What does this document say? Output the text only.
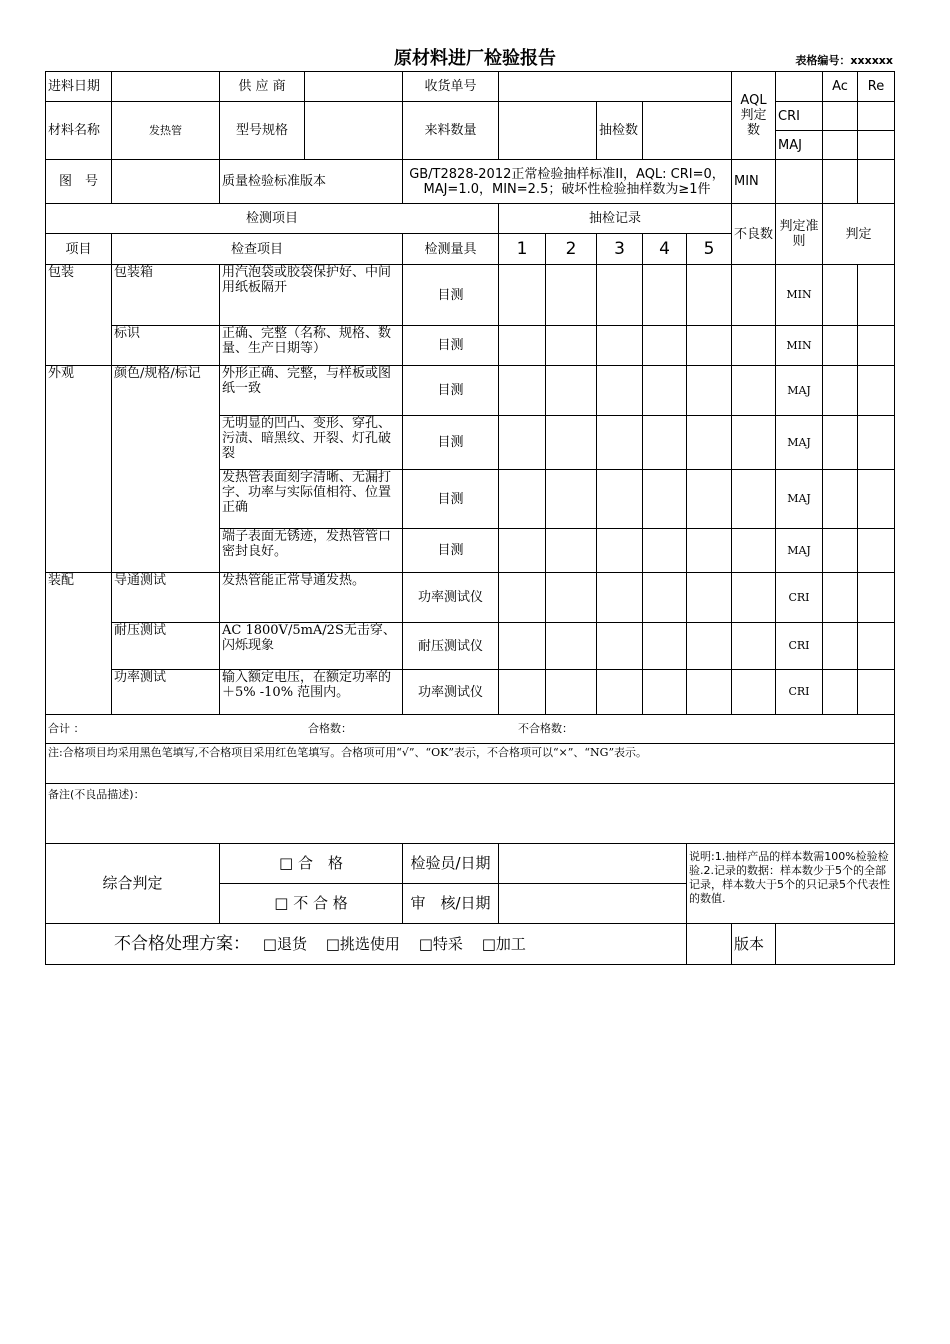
原材料进厂检验报告	表格编号：xxxxxx
进料日期		供 应 商		收货单号						AQL判定数		Ac	Re
材料名称	发热管	型号规格		来料数量			抽检数				CRI		
											MAJ		
图　号		质量检验标准版本		GB/T2828-2012正常检验抽样标准II，AQL: CRI=0，MAJ=1.0，MIN=2.5；破坏性检验抽样数为≥1件						MIN			
检测项目					抽检记录					不良数	判定准则	判定	
项目	检查项目			检测量具	1	2	3	4	5				
包装	包装箱	用汽泡袋或胶袋保护好、中间用纸板隔开		目测							MIN		
	标识	正确、完整（名称、规格、数量、生产日期等）		目测							MIN		
外观	颜色/规格/标记	外形正确、完整，与样板或图纸一致		目测							MAJ		
		无明显的凹凸、变形、穿孔、污渍、暗黑纹、开裂、灯孔破裂		目测							MAJ		
		发热管表面刻字清晰、无漏打字、功率与实际值相符、位置正确		目测							MAJ		
		端子表面无锈迹，发热管管口密封良好。		目测							MAJ		
装配	导通测试	发热管能正常导通发热。		功率测试仪							CRI		
	耐压测试	AC 1800V/5mA/2S无击穿、闪烁现象		耐压测试仪							CRI		
	功率测试	输入额定电压，在额定功率的＋5% -10% 范围内。		功率测试仪							CRI		
合计 ： 合格数： 不合格数：													
注:合格项目均采用黑色笔填写,不合格项目采用红色笔填写。合格项可用“√”、“OK”表示，不合格项可以“×”、“NG”表示。													
备注(不良品描述)：													
综合判定		□ 合　格		检验员/日期					说明:1.抽样产品的样本数需100%检验检验.2.记录的数据：样本数少于5个的全部记录，样本数大于5个的只记录5个代表性的数值.				
		□ 不 合 格		审　核/日期									
不合格处理方案： □退货 □挑选使用 □特采 □加工										版本			
